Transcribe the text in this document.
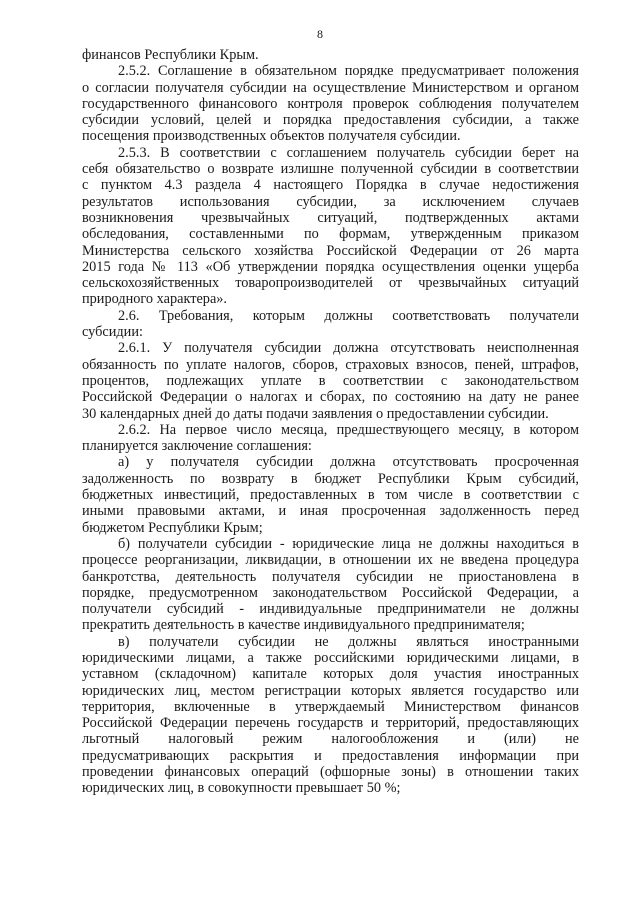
8
финансов Республики Крым.
2.5.2. Соглашение в обязательном порядке предусматривает положения
о согласии получателя субсидии на осуществление Министерством и органом
государственного финансового контроля проверок соблюдения получателем
субсидии условий, целей и порядка предоставления субсидии, а также
посещения производственных объектов получателя субсидии.
2.5.3. В соответствии с соглашением получатель субсидии берет на
себя обязательство о возврате излишне полученной субсидии в соответствии
с пунктом 4.3 раздела 4 настоящего Порядка в случае недостижения
результатов использования субсидии, за исключением случаев
возникновения чрезвычайных ситуаций, подтвержденных актами
обследования, составленными по формам, утвержденным приказом
Министерства сельского хозяйства Российской Федерации от 26 марта
2015 года № 113 «Об утверждении порядка осуществления оценки ущерба
сельскохозяйственных товаропроизводителей от чрезвычайных ситуаций
природного характера».
2.6. Требования, которым должны соответствовать получатели
субсидии:
2.6.1. У получателя субсидии должна отсутствовать неисполненная
обязанность по уплате налогов, сборов, страховых взносов, пеней, штрафов,
процентов, подлежащих уплате в соответствии с законодательством
Российской Федерации о налогах и сборах, по состоянию на дату не ранее
30 календарных дней до даты подачи заявления о предоставлении субсидии.
2.6.2. На первое число месяца, предшествующего месяцу, в котором
планируется заключение соглашения:
а) у получателя субсидии должна отсутствовать просроченная
задолженность по возврату в бюджет Республики Крым субсидий,
бюджетных инвестиций, предоставленных в том числе в соответствии с
иными правовыми актами, и иная просроченная задолженность перед
бюджетом Республики Крым;
б) получатели субсидии - юридические лица не должны находиться в
процессе реорганизации, ликвидации, в отношении их не введена процедура
банкротства, деятельность получателя субсидии не приостановлена в
порядке, предусмотренном законодательством Российской Федерации, а
получатели субсидий - индивидуальные предприниматели не должны
прекратить деятельность в качестве индивидуального предпринимателя;
в) получатели субсидии не должны являться иностранными
юридическими лицами, а также российскими юридическими лицами, в
уставном (складочном) капитале которых доля участия иностранных
юридических лиц, местом регистрации которых является государство или
территория, включенные в утверждаемый Министерством финансов
Российской Федерации перечень государств и территорий, предоставляющих
льготный налоговый режим налогообложения и (или) не
предусматривающих раскрытия и предоставления информации при
проведении финансовых операций (офшорные зоны) в отношении таких
юридических лиц, в совокупности превышает 50 %;
